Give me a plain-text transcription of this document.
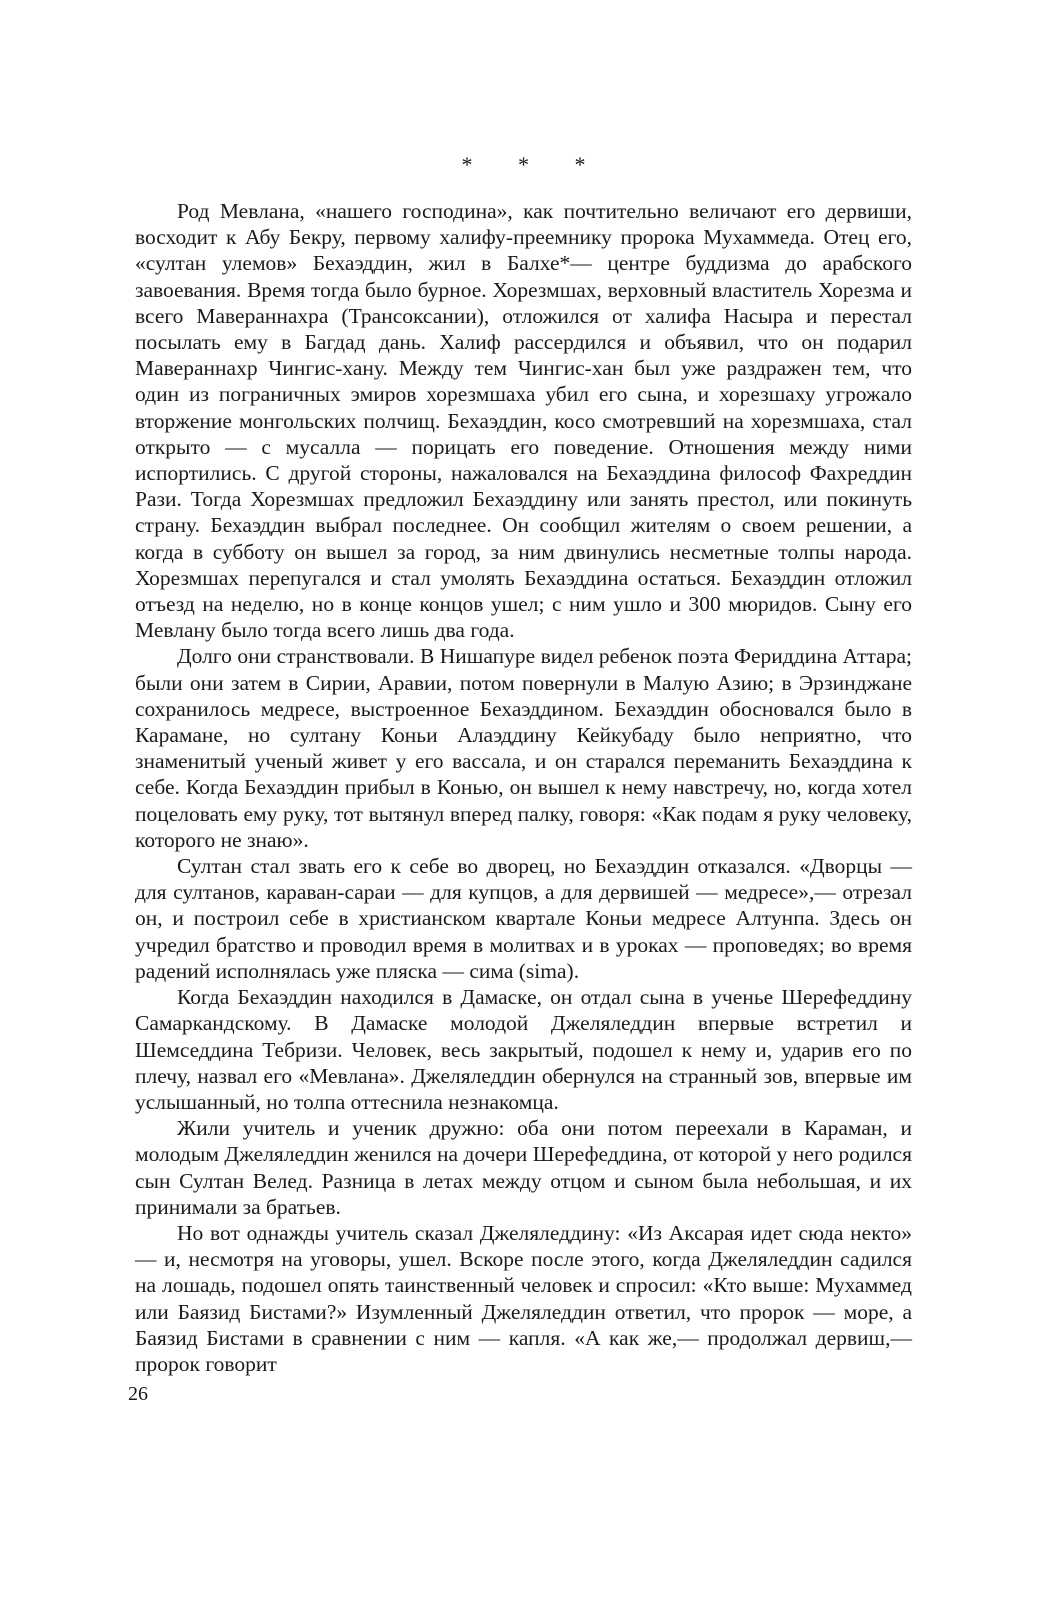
* * *

Род Мевлана, «нашего господина», как почтительно величают его дервиши, восходит к Абу Бекру, первому халифу-преемнику пророка Мухаммеда. Отец его, «султан улемов» Бехаэддин, жил в Балхе*— центре буддизма до арабского завоевания. Время тогда было бурное. Хорезмшах, верховный властитель Хорезма и всего Мавераннахра (Трансоксании), отложился от халифа Насыра и перестал посылать ему в Багдад дань. Халиф рассердился и объявил, что он подарил Мавераннахр Чингис-хану. Между тем Чингис-хан был уже раздражен тем, что один из пограничных эмиров хорезмшаха убил его сына, и хорезшаху угрожало вторжение монгольских полчищ. Бехаэддин, косо смотревший на хорезмшаха, стал открыто — с мусалла — порицать его поведение. Отношения между ними испортились. С другой стороны, нажаловался на Бехаэддина философ Фахреддин Рази. Тогда Хорезмшах предложил Бехаэддину или занять престол, или покинуть страну. Бехаэддин выбрал последнее. Он сообщил жителям о своем решении, а когда в субботу он вышел за город, за ним двинулись несметные толпы народа. Хорезмшах перепугался и стал умолять Бехаэддина остаться. Бехаэддин отложил отъезд на неделю, но в конце концов ушел; с ним ушло и 300 мюридов. Сыну его Мевлану было тогда всего лишь два года.

Долго они странствовали. В Нишапуре видел ребенок поэта Фериддина Аттара; были они затем в Сирии, Аравии, потом повернули в Малую Азию; в Эрзинджане сохранилось медресе, выстроенное Бехаэддином. Бехаэддин обосновался было в Карамане, но султану Коньи Алаэддину Кейкубаду было неприятно, что знаменитый ученый живет у его вассала, и он старался переманить Бехаэддина к себе. Когда Бехаэддин прибыл в Конью, он вышел к нему навстречу, но, когда хотел поцеловать ему руку, тот вытянул вперед палку, говоря: «Как подам я руку человеку, которого не знаю».

Султан стал звать его к себе во дворец, но Бехаэддин отказался. «Дворцы — для султанов, караван-сараи — для купцов, а для дервишей — медресе»,— отрезал он, и построил себе в христианском квартале Коньи медресе Алтунпа. Здесь он учредил братство и проводил время в молитвах и в уроках — проповедях; во время радений исполнялась уже пляска — сима (sima).

Когда Бехаэддин находился в Дамаске, он отдал сына в ученье Шерефеддину Самаркандскому. В Дамаске молодой Джеляледдин впервые встретил и Шемседдина Тебризи. Человек, весь закрытый, подошел к нему и, ударив его по плечу, назвал его «Мевлана». Джеляледдин обернулся на странный зов, впервые им услышанный, но толпа оттеснила незнакомца.

Жили учитель и ученик дружно: оба они потом переехали в Караман, и молодым Джеляледдин женился на дочери Шерефеддина, от которой у него родился сын Султан Велед. Разница в летах между отцом и сыном была небольшая, и их принимали за братьев.

Но вот однажды учитель сказал Джеляледдину: «Из Аксарая идет сюда некто» — и, несмотря на уговоры, ушел. Вскоре после этого, когда Джеляледдин садился на лошадь, подошел опять таинственный человек и спросил: «Кто выше: Мухаммед или Баязид Бистами?» Изумленный Джеляледдин ответил, что пророк — море, а Баязид Бистами в сравнении с ним — капля. «А как же,— продолжал дервиш,— пророк говорит

26
